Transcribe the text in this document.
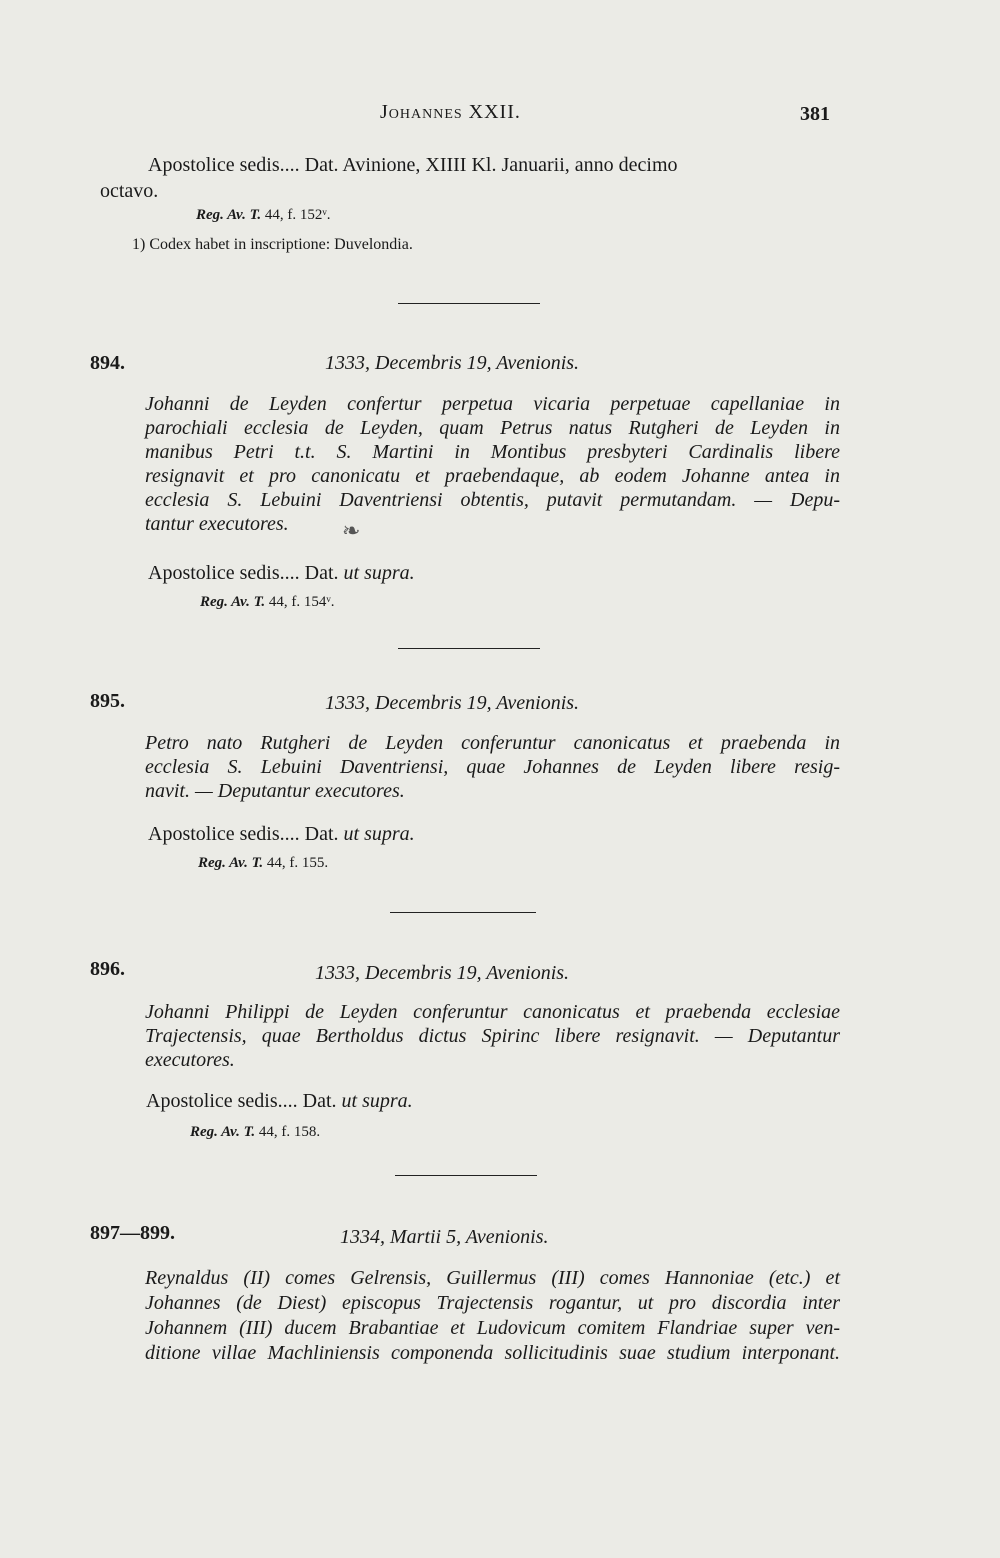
Johannes XXII.	381
Apostolice sedis.... Dat. Avinione, XIIII Kl. Januarii, anno decimo
octavo.
Reg. Av. T. 44, f. 152ᵛ.
1) Codex habet in inscriptione: Duvelondia.
894.	1333, Decembris 19, Avenionis.
Johanni de Leyden confertur perpetua vicaria perpetuae capellaniae in
parochiali ecclesia de Leyden, quam Petrus natus Rutgheri de Leyden in
manibus Petri t.t. S. Martini in Montibus presbyteri Cardinalis libere
resignavit et pro canonicatu et praebendaque, ab eodem Johanne antea in
ecclesia S. Lebuini Daventriensi obtentis, putavit permutandam. — Depu-
tantur executores.	❧
Apostolice sedis.... Dat. ut supra.
Reg. Av. T. 44, f. 154ᵛ.
895.	1333, Decembris 19, Avenionis.
Petro nato Rutgheri de Leyden conferuntur canonicatus et praebenda in
ecclesia S. Lebuini Daventriensi, quae Johannes de Leyden libere resig-
navit. — Deputantur executores.
Apostolice sedis.... Dat. ut supra.
Reg. Av. T. 44, f. 155.
896.	1333, Decembris 19, Avenionis.
Johanni Philippi de Leyden conferuntur canonicatus et praebenda ecclesiae
Trajectensis, quae Bertholdus dictus Spirinc libere resignavit. — Deputantur
executores.
Apostolice sedis.... Dat. ut supra.
Reg. Av. T. 44, f. 158.
897—899.	1334, Martii 5, Avenionis.
Reynaldus (II) comes Gelrensis, Guillermus (III) comes Hannoniae (etc.) et
Johannes (de Diest) episcopus Trajectensis rogantur, ut pro discordia inter
Johannem (III) ducem Brabantiae et Ludovicum comitem Flandriae super ven-
ditione villae Machliniensis componenda sollicitudinis suae studium interponant.
